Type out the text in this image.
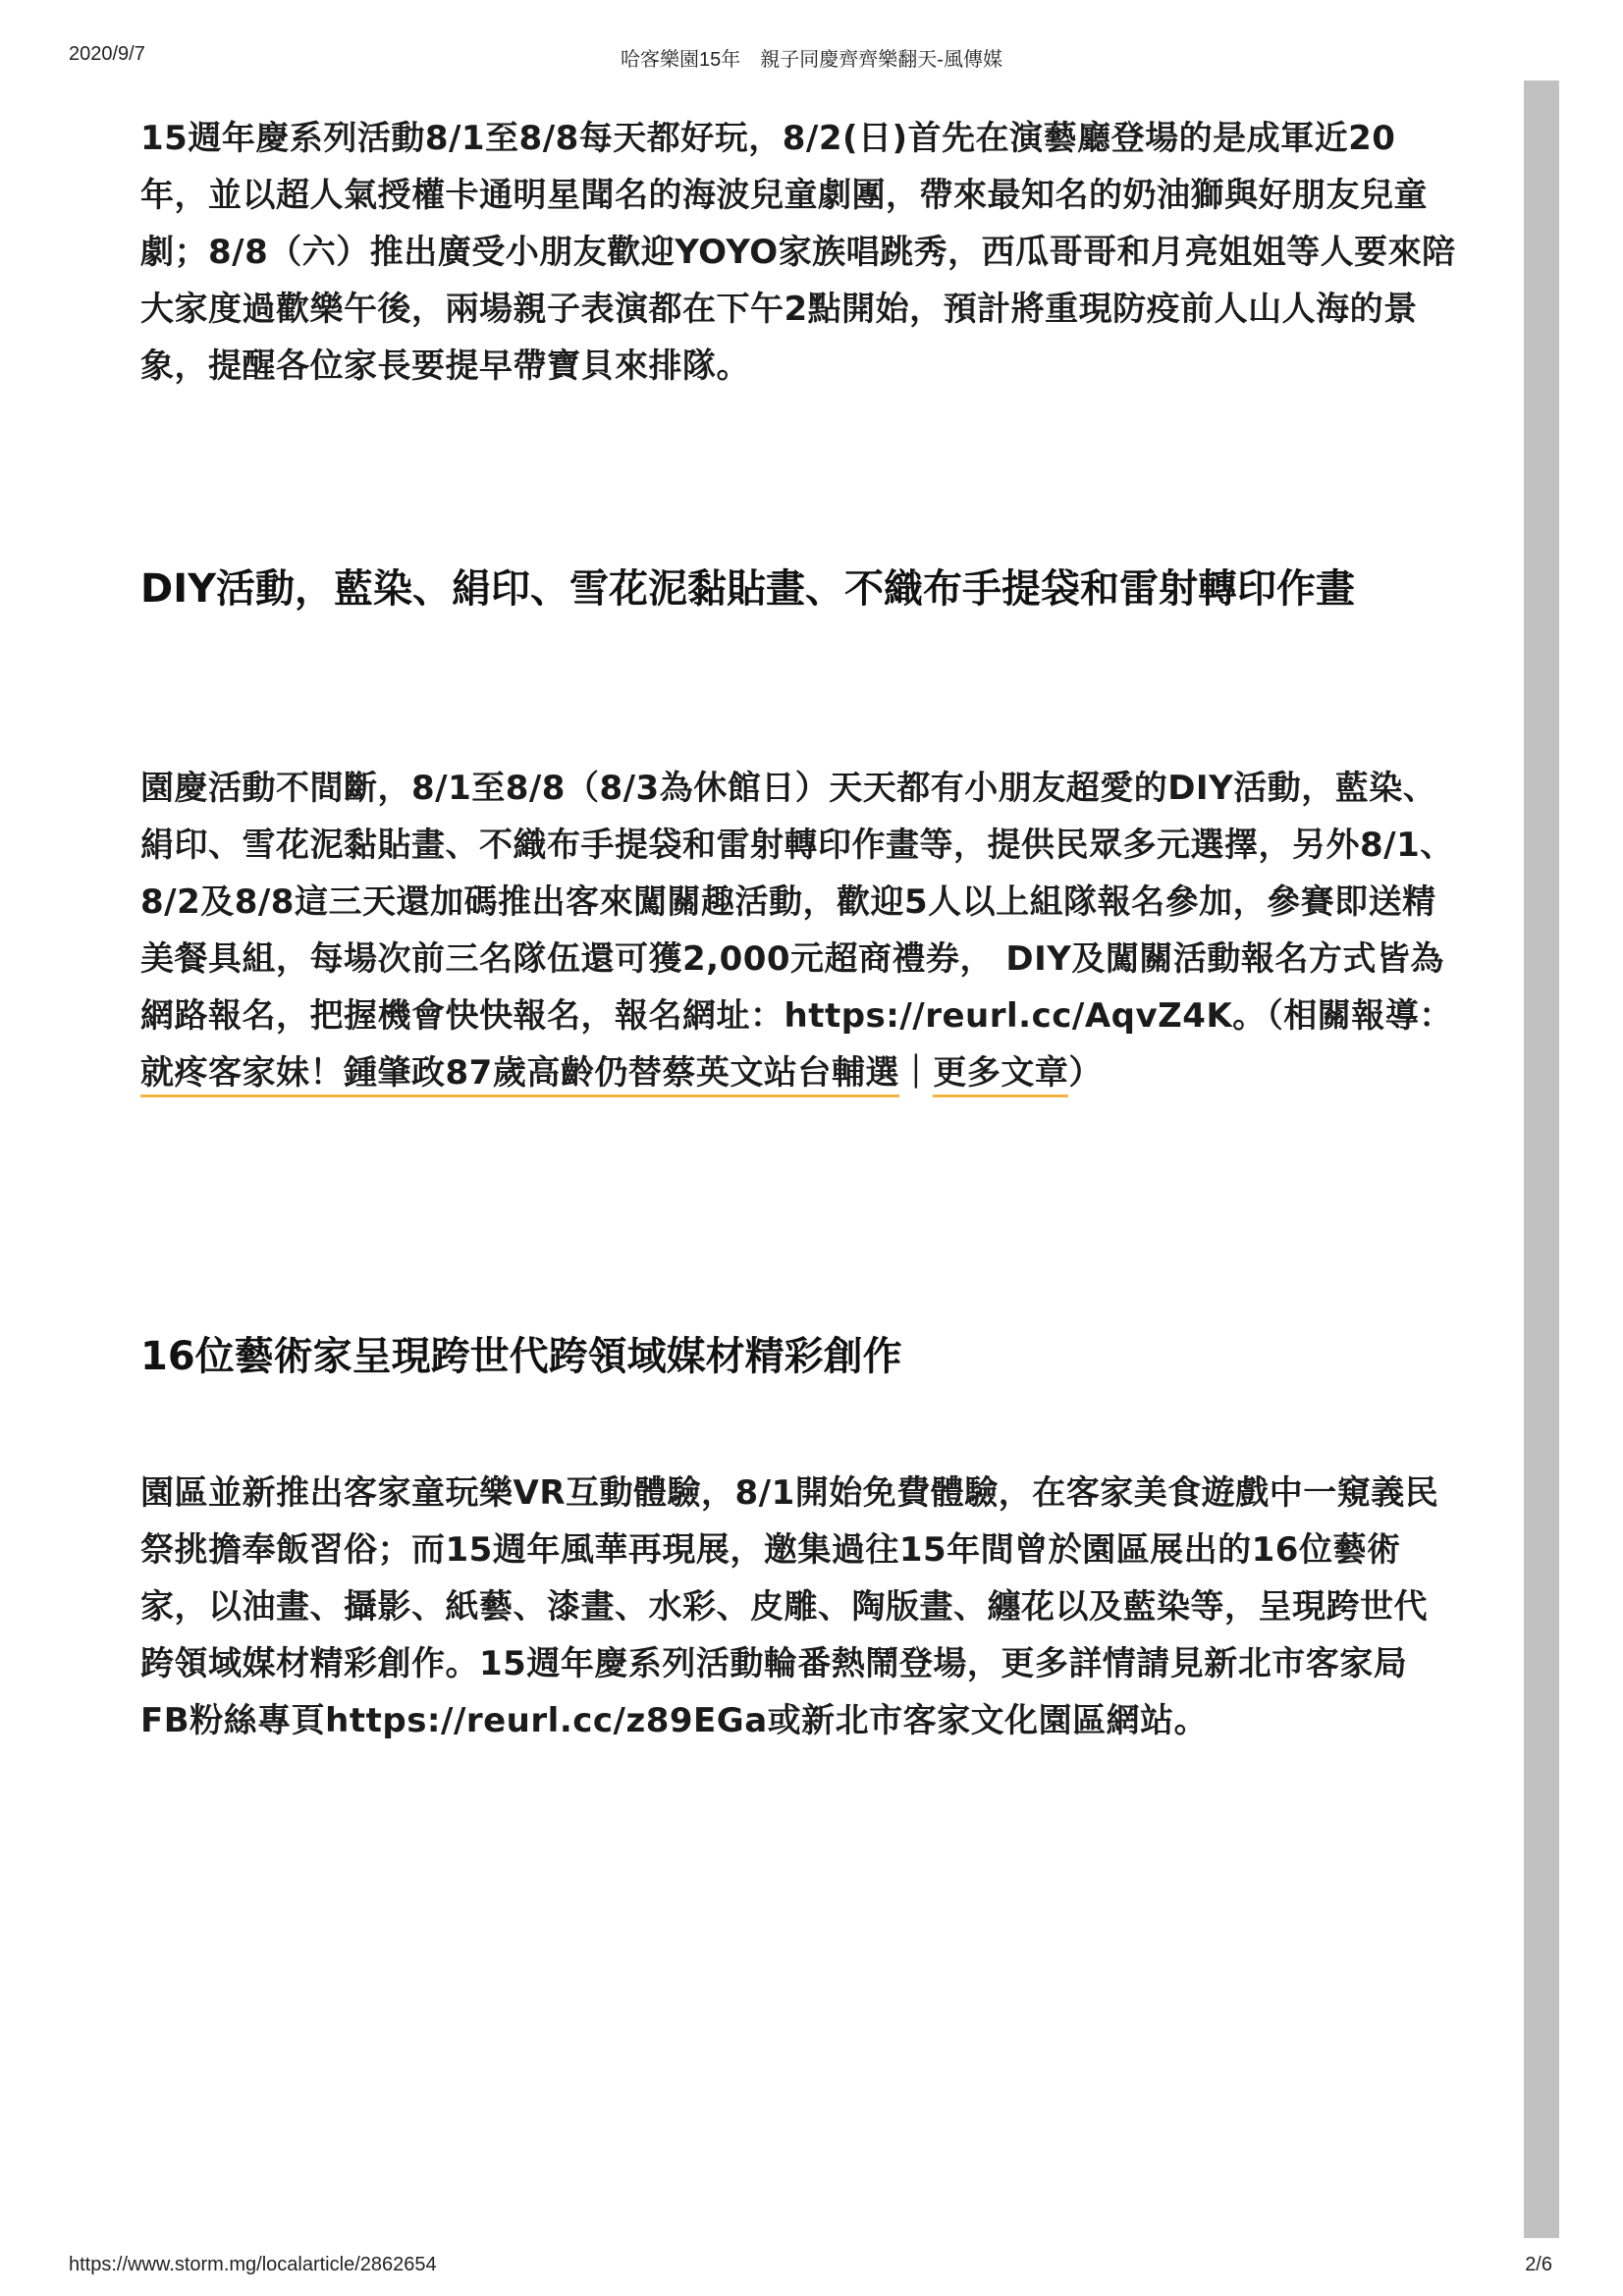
2020/9/7	哈客樂園15年　親子同慶齊齊樂翻天-風傳媒

15週年慶系列活動8/1至8/8每天都好玩，8/2(日)首先在演藝廳登場的是成軍近20年，並以超人氣授權卡通明星聞名的海波兒童劇團，帶來最知名的奶油獅與好朋友兒童劇；8/8（六）推出廣受小朋友歡迎YOYO家族唱跳秀，西瓜哥哥和月亮姐姐等人要來陪大家度過歡樂午後，兩場親子表演都在下午2點開始，預計將重現防疫前人山人海的景象，提醒各位家長要提早帶寶貝來排隊。

DIY活動，藍染、絹印、雪花泥黏貼畫、不織布手提袋和雷射轉印作畫

園慶活動不間斷，8/1至8/8（8/3為休館日）天天都有小朋友超愛的DIY活動，藍染、絹印、雪花泥黏貼畫、不織布手提袋和雷射轉印作畫等，提供民眾多元選擇，另外8/1、8/2及8/8這三天還加碼推出客來闖關趣活動，歡迎5人以上組隊報名參加，參賽即送精美餐具組，每場次前三名隊伍還可獲2,000元超商禮券， DIY及闖關活動報名方式皆為網路報名，把握機會快快報名，報名網址：https://reurl.cc/AqvZ4K。（相關報導：就疼客家妹！鍾肇政87歲高齡仍替蔡英文站台輔選｜更多文章）

16位藝術家呈現跨世代跨領域媒材精彩創作

園區並新推出客家童玩樂VR互動體驗，8/1開始免費體驗，在客家美食遊戲中一窺義民祭挑擔奉飯習俗；而15週年風華再現展，邀集過往15年間曾於園區展出的16位藝術家，以油畫、攝影、紙藝、漆畫、水彩、皮雕、陶版畫、纏花以及藍染等，呈現跨世代跨領域媒材精彩創作。15週年慶系列活動輪番熱鬧登場，更多詳情請見新北市客家局FB粉絲專頁https://reurl.cc/z89EGa或新北市客家文化園區網站。

https://www.storm.mg/localarticle/2862654	2/6
